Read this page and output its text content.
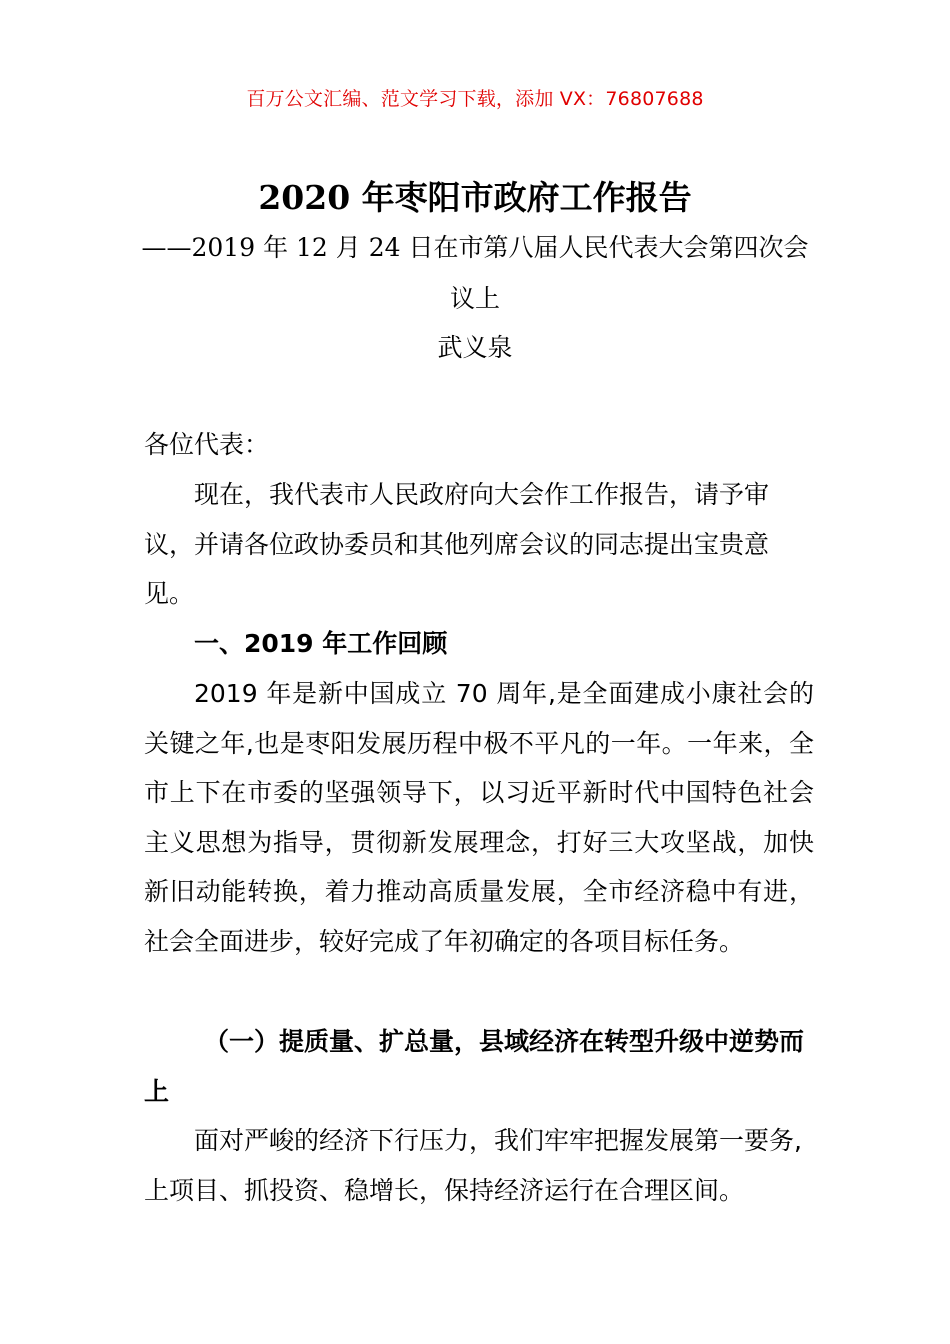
百万公文汇编、范文学习下载，添加 VX：76807688
2020 年枣阳市政府工作报告
——2019 年 12 月 24 日在市第八届人民代表大会第四次会
议上
武义泉
各位代表：
现在，我代表市人民政府向大会作工作报告，请予审议，并请各位政协委员和其他列席会议的同志提出宝贵意见。
一、2019 年工作回顾
2019 年是新中国成立 70 周年,是全面建成小康社会的关键之年,也是枣阳发展历程中极不平凡的一年。一年来，全市上下在市委的坚强领导下，以习近平新时代中国特色社会主义思想为指导，贯彻新发展理念，打好三大攻坚战，加快新旧动能转换，着力推动高质量发展，全市经济稳中有进，社会全面进步，较好完成了年初确定的各项目标任务。
（一）提质量、扩总量，县域经济在转型升级中逆势而上
面对严峻的经济下行压力，我们牢牢把握发展第一要务,上项目、抓投资、稳增长，保持经济运行在合理区间。
